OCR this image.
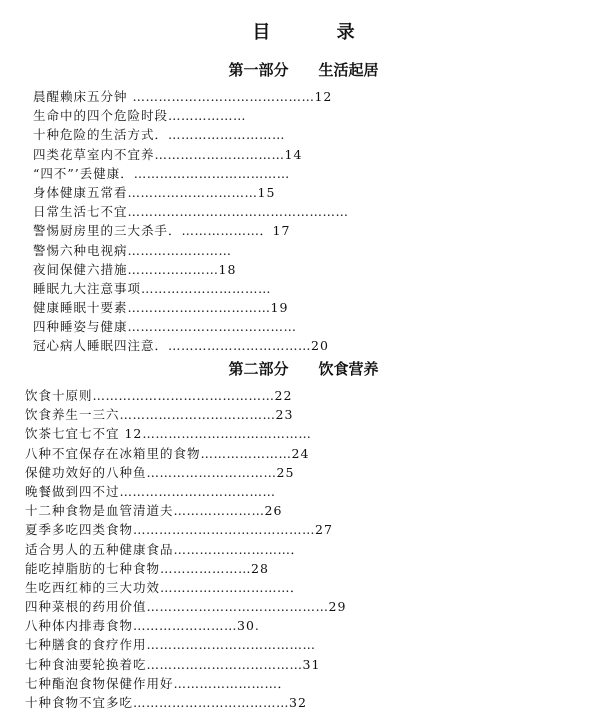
目 录
第一部分 生活起居
晨醒赖床五分钟 ……………………………………12
生命中的四个危险时段………………
十种危险的生活方式．………………………
四类花草室内不宜养…………………………14
“四不”’丢健康．………………………………
身体健康五常看…………………………15
日常生活七不宜……………………………………………
警惕厨房里的三大杀手．………………．17
警惕六种电视病……………………
夜间保健六措施…………………18
睡眠九大注意事项…………………………
健康睡眠十要素……………………………19
四种睡姿与健康…………………………………
冠心病人睡眠四注意．……………………………20
第二部分 饮食营养
饮食十原则……………………………………22
饮食养生一三六………………………………23
饮茶七宜七不宜 12…………………………………
八种不宜保存在冰箱里的食物…………………24
保健功效好的八种鱼…………………………25
晚餐做到四不过………………………………
十二种食物是血管清道夫…………………26
夏季多吃四类食物……………………………………27
适合男人的五种健康食品………………………．
能吃掉脂肪的七种食物…………………28
生吃西红柿的三大功效…………………………．
四种菜根的药用价值……………………………………29
八种体内排毒食物……………………30.
七种膳食的食疗作用…………………………………
七种食油要轮换着吃………………………………31
七种酯泡食物保健作用好……………………．
十种食物不宜多吃………………………………32
